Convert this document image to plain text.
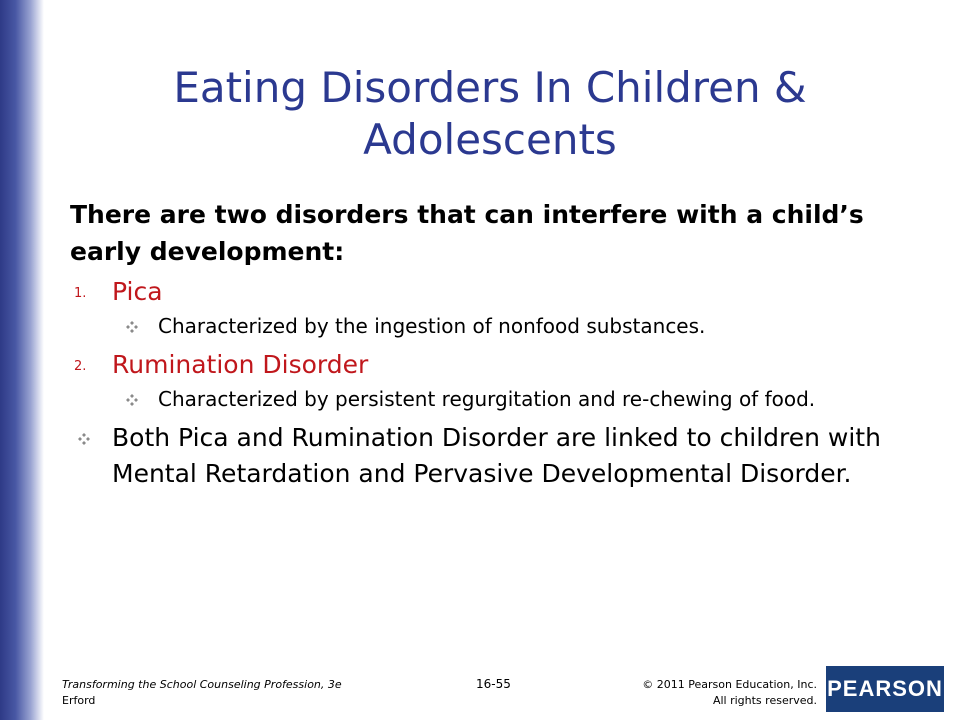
Eating Disorders In Children &
Adolescents

There are two disorders that can interfere with a child’s early development:

1. Pica
Characterized by the ingestion of nonfood substances.
2. Rumination Disorder
Characterized by persistent regurgitation and re-chewing of food.
Both Pica and Rumination Disorder are linked to children with Mental Retardation and Pervasive Developmental Disorder.
Transforming the School Counseling Profession, 3e
Erford
16-55	© 2011 Pearson Education, Inc.
All rights reserved. PEARSON
